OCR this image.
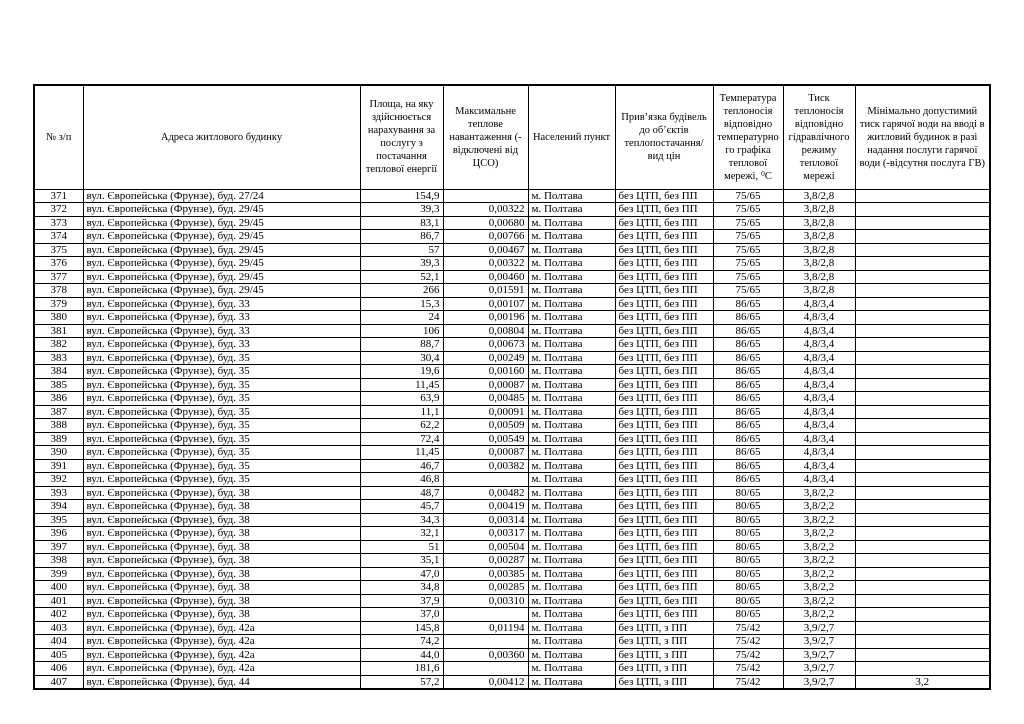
№ з/п	Адреса житлового будинку	Площа, на яку здійснюється нарахування за послугу з постачання теплової енергії	Максимальне теплове навантаження (-відключені від ЦСО)	Населений пункт	Прив’язка будівель до об’єктів теплопостачання/ вид цін	Температура теплоносія відповідно температурного графіка теплової мережі, ⁰С	Тиск теплоносія відповідно гідравлічного режиму теплової мережі	Мінімально допустимий тиск гарячої води на вводі в житловий будинок в разі надання послуги гарячої води (-відсутня послуга ГВ)
371	вул. Європейська (Фрунзе), буд. 27/24	154,9		м. Полтава	без ЦТП, без ПП	75/65	3,8/2,8	
372	вул. Європейська (Фрунзе), буд. 29/45	39,3	0,00322	м. Полтава	без ЦТП, без ПП	75/65	3,8/2,8	
373	вул. Європейська (Фрунзе), буд. 29/45	83,1	0,00680	м. Полтава	без ЦТП, без ПП	75/65	3,8/2,8	
374	вул. Європейська (Фрунзе), буд. 29/45	86,7	0,00766	м. Полтава	без ЦТП, без ПП	75/65	3,8/2,8	
375	вул. Європейська (Фрунзе), буд. 29/45	57	0,00467	м. Полтава	без ЦТП, без ПП	75/65	3,8/2,8	
376	вул. Європейська (Фрунзе), буд. 29/45	39,3	0,00322	м. Полтава	без ЦТП, без ПП	75/65	3,8/2,8	
377	вул. Європейська (Фрунзе), буд. 29/45	52,1	0,00460	м. Полтава	без ЦТП, без ПП	75/65	3,8/2,8	
378	вул. Європейська (Фрунзе), буд. 29/45	266	0,01591	м. Полтава	без ЦТП, без ПП	75/65	3,8/2,8	
379	вул. Європейська (Фрунзе), буд. 33	15,3	0,00107	м. Полтава	без ЦТП, без ПП	86/65	4,8/3,4	
380	вул. Європейська (Фрунзе), буд. 33	24	0,00196	м. Полтава	без ЦТП, без ПП	86/65	4,8/3,4	
381	вул. Європейська (Фрунзе), буд. 33	106	0,00804	м. Полтава	без ЦТП, без ПП	86/65	4,8/3,4	
382	вул. Європейська (Фрунзе), буд. 33	88,7	0,00673	м. Полтава	без ЦТП, без ПП	86/65	4,8/3,4	
383	вул. Європейська (Фрунзе), буд. 35	30,4	0,00249	м. Полтава	без ЦТП, без ПП	86/65	4,8/3,4	
384	вул. Європейська (Фрунзе), буд. 35	19,6	0,00160	м. Полтава	без ЦТП, без ПП	86/65	4,8/3,4	
385	вул. Європейська (Фрунзе), буд. 35	11,45	0,00087	м. Полтава	без ЦТП, без ПП	86/65	4,8/3,4	
386	вул. Європейська (Фрунзе), буд. 35	63,9	0,00485	м. Полтава	без ЦТП, без ПП	86/65	4,8/3,4	
387	вул. Європейська (Фрунзе), буд. 35	11,1	0,00091	м. Полтава	без ЦТП, без ПП	86/65	4,8/3,4	
388	вул. Європейська (Фрунзе), буд. 35	62,2	0,00509	м. Полтава	без ЦТП, без ПП	86/65	4,8/3,4	
389	вул. Європейська (Фрунзе), буд. 35	72,4	0,00549	м. Полтава	без ЦТП, без ПП	86/65	4,8/3,4	
390	вул. Європейська (Фрунзе), буд. 35	11,45	0,00087	м. Полтава	без ЦТП, без ПП	86/65	4,8/3,4	
391	вул. Європейська (Фрунзе), буд. 35	46,7	0,00382	м. Полтава	без ЦТП, без ПП	86/65	4,8/3,4	
392	вул. Європейська (Фрунзе), буд. 35	46,8		м. Полтава	без ЦТП, без ПП	86/65	4,8/3,4	
393	вул. Європейська (Фрунзе), буд. 38	48,7	0,00482	м. Полтава	без ЦТП, без ПП	80/65	3,8/2,2	
394	вул. Європейська (Фрунзе), буд. 38	45,7	0,00419	м. Полтава	без ЦТП, без ПП	80/65	3,8/2,2	
395	вул. Європейська (Фрунзе), буд. 38	34,3	0,00314	м. Полтава	без ЦТП, без ПП	80/65	3,8/2,2	
396	вул. Європейська (Фрунзе), буд. 38	32,1	0,00317	м. Полтава	без ЦТП, без ПП	80/65	3,8/2,2	
397	вул. Європейська (Фрунзе), буд. 38	51	0,00504	м. Полтава	без ЦТП, без ПП	80/65	3,8/2,2	
398	вул. Європейська (Фрунзе), буд. 38	35,1	0,00287	м. Полтава	без ЦТП, без ПП	80/65	3,8/2,2	
399	вул. Європейська (Фрунзе), буд. 38	47,0	0,00385	м. Полтава	без ЦТП, без ПП	80/65	3,8/2,2	
400	вул. Європейська (Фрунзе), буд. 38	34,8	0,00285	м. Полтава	без ЦТП, без ПП	80/65	3,8/2,2	
401	вул. Європейська (Фрунзе), буд. 38	37,9	0,00310	м. Полтава	без ЦТП, без ПП	80/65	3,8/2,2	
402	вул. Європейська (Фрунзе), буд. 38	37,0		м. Полтава	без ЦТП, без ПП	80/65	3,8/2,2	
403	вул. Європейська (Фрунзе), буд. 42а	145,8	0,01194	м. Полтава	без ЦТП, з ПП	75/42	3,9/2,7	
404	вул. Європейська (Фрунзе), буд. 42а	74,2		м. Полтава	без ЦТП, з ПП	75/42	3,9/2,7	
405	вул. Європейська (Фрунзе), буд. 42а	44,0	0,00360	м. Полтава	без ЦТП, з ПП	75/42	3,9/2,7	
406	вул. Європейська (Фрунзе), буд. 42а	181,6		м. Полтава	без ЦТП, з ПП	75/42	3,9/2,7	
407	вул. Європейська (Фрунзе), буд. 44	57,2	0,00412	м. Полтава	без ЦТП, з ПП	75/42	3,9/2,7	3,2
